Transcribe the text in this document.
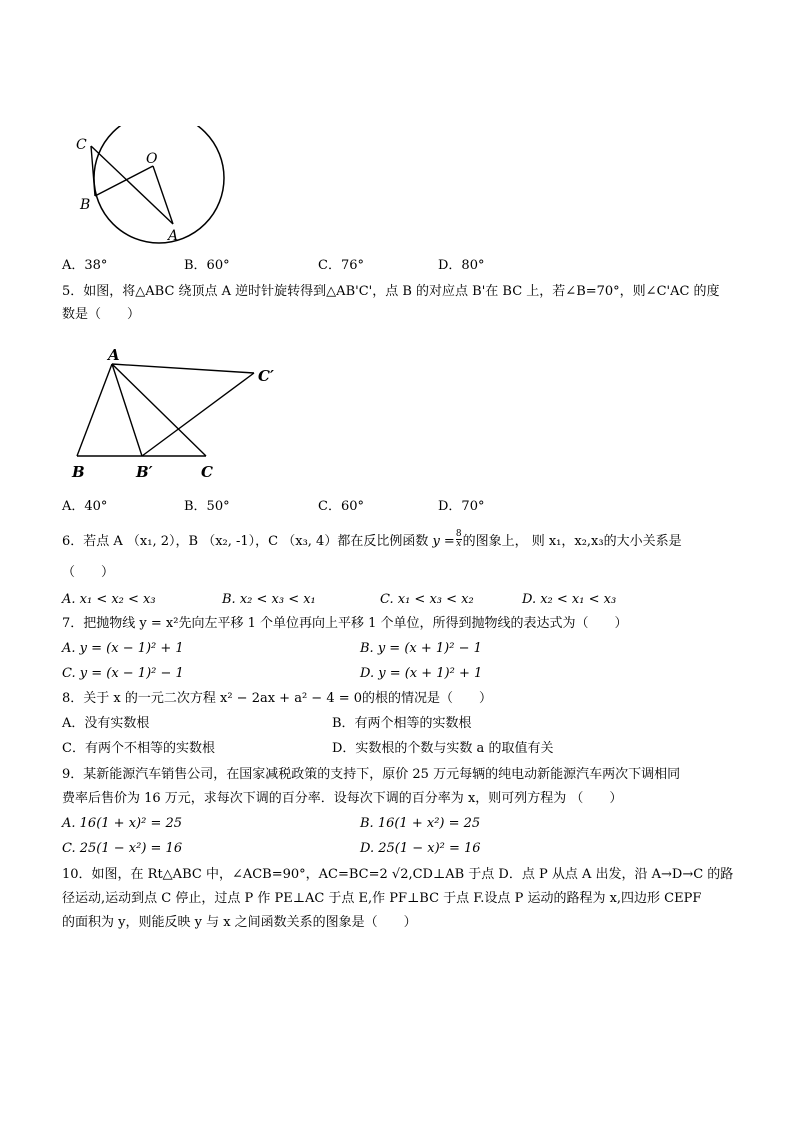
C
O
B
A
A．38°	B．60°	C．76°	D．80°
5．如图，将△ABC 绕顶点 A 逆时针旋转得到△AB'C'，点 B 的对应点 B'在 BC 上，若∠B=70°，则∠C'AC 的度
数是（　　）
A
C′
B	B′	C
A．40°	B．50°	C．60°	D．70°
6．若点 A （x₁, 2），B （x₂, -1），C （x₃, 4）都在反比例函数 $y = \frac{8}{x}$ 的图象上， 则 x₁，x₂,x₃的大小关系是
（　　）
A. x₁ < x₂ < x₃	B. x₂ < x₃ < x₁	C. x₁ < x₃ < x₂	D. x₂ < x₁ < x₃
7．把抛物线 y = x²先向左平移 1 个单位再向上平移 1 个单位，所得到抛物线的表达式为（　　）
A. y = (x − 1)² + 1	B. y = (x + 1)² − 1
C. y = (x − 1)² − 1	D. y = (x + 1)² + 1
8．关于 x 的一元二次方程 x² − 2ax + a² − 4 = 0的根的情况是（　　）
A．没有实数根	B．有两个相等的实数根
C．有两个不相等的实数根	D．实数根的个数与实数 a 的取值有关
9．某新能源汽车销售公司，在国家减税政策的支持下，原价 25 万元每辆的纯电动新能源汽车两次下调相同
费率后售价为 16 万元，求每次下调的百分率．设每次下调的百分率为 x，则可列方程为 （　　）
A. 16(1 + x)² = 25	B. 16(1 + x²) = 25
C. 25(1 − x²) = 16	D. 25(1 − x)² = 16
10．如图，在 Rt△ABC 中，∠ACB=90°，AC=BC=2 √2,CD⊥AB 于点 D．点 P 从点 A 出发，沿 A→D→C 的路
径运动,运动到点 C 停止，过点 P 作 PE⊥AC 于点 E,作 PF⊥BC 于点 F.设点 P 运动的路程为 x,四边形 CEPF
的面积为 y，则能反映 y 与 x 之间函数关系的图象是（　　）
